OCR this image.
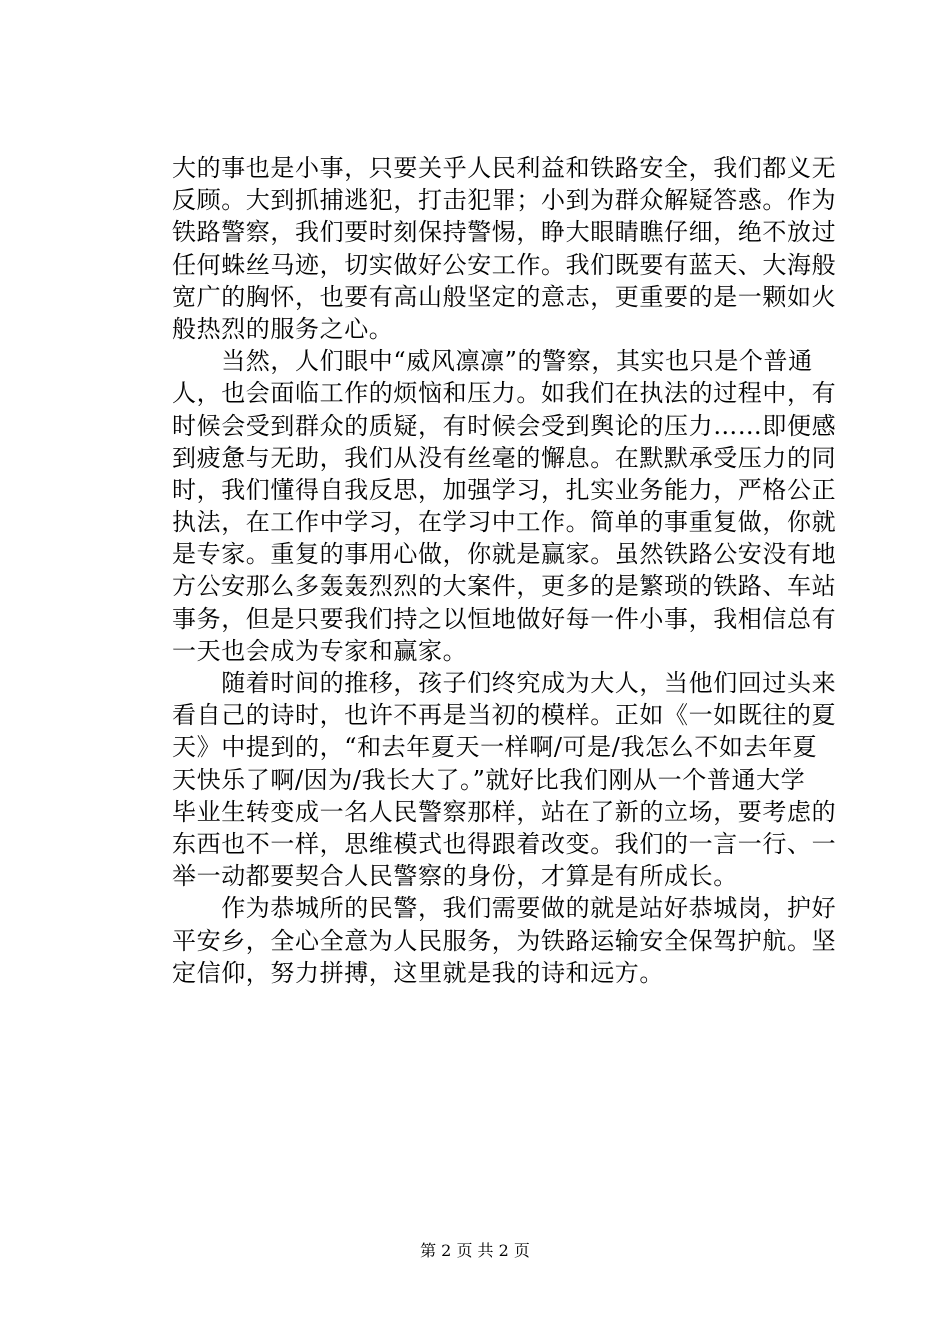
大的事也是小事，只要关乎人民利益和铁路安全，我们都义无
反顾。大到抓捕逃犯，打击犯罪；小到为群众解疑答惑。作为
铁路警察，我们要时刻保持警惕，睁大眼睛瞧仔细，绝不放过
任何蛛丝马迹，切实做好公安工作。我们既要有蓝天、大海般
宽广的胸怀，也要有高山般坚定的意志，更重要的是一颗如火
般热烈的服务之心。
　　当然，人们眼中“威风凛凛”的警察，其实也只是个普通
人，也会面临工作的烦恼和压力。如我们在执法的过程中，有
时候会受到群众的质疑，有时候会受到舆论的压力……即便感
到疲惫与无助，我们从没有丝毫的懈息。在默默承受压力的同
时，我们懂得自我反思，加强学习，扎实业务能力，严格公正
执法，在工作中学习，在学习中工作。简单的事重复做，你就
是专家。重复的事用心做，你就是赢家。虽然铁路公安没有地
方公安那么多轰轰烈烈的大案件，更多的是繁琐的铁路、车站
事务，但是只要我们持之以恒地做好每一件小事，我相信总有
一天也会成为专家和赢家。
　　随着时间的推移，孩子们终究成为大人，当他们回过头来
看自己的诗时，也许不再是当初的模样。正如《一如既往的夏
天》中提到的，“和去年夏天一样啊/可是/我怎么不如去年夏
天快乐了啊/因为/我长大了。”就好比我们刚从一个普通大学
毕业生转变成一名人民警察那样，站在了新的立场，要考虑的
东西也不一样，思维模式也得跟着改变。我们的一言一行、一
举一动都要契合人民警察的身份，才算是有所成长。
　　作为恭城所的民警，我们需要做的就是站好恭城岗，护好
平安乡，全心全意为人民服务，为铁路运输安全保驾护航。坚
定信仰，努力拼搏，这里就是我的诗和远方。
第 2 页 共 2 页
